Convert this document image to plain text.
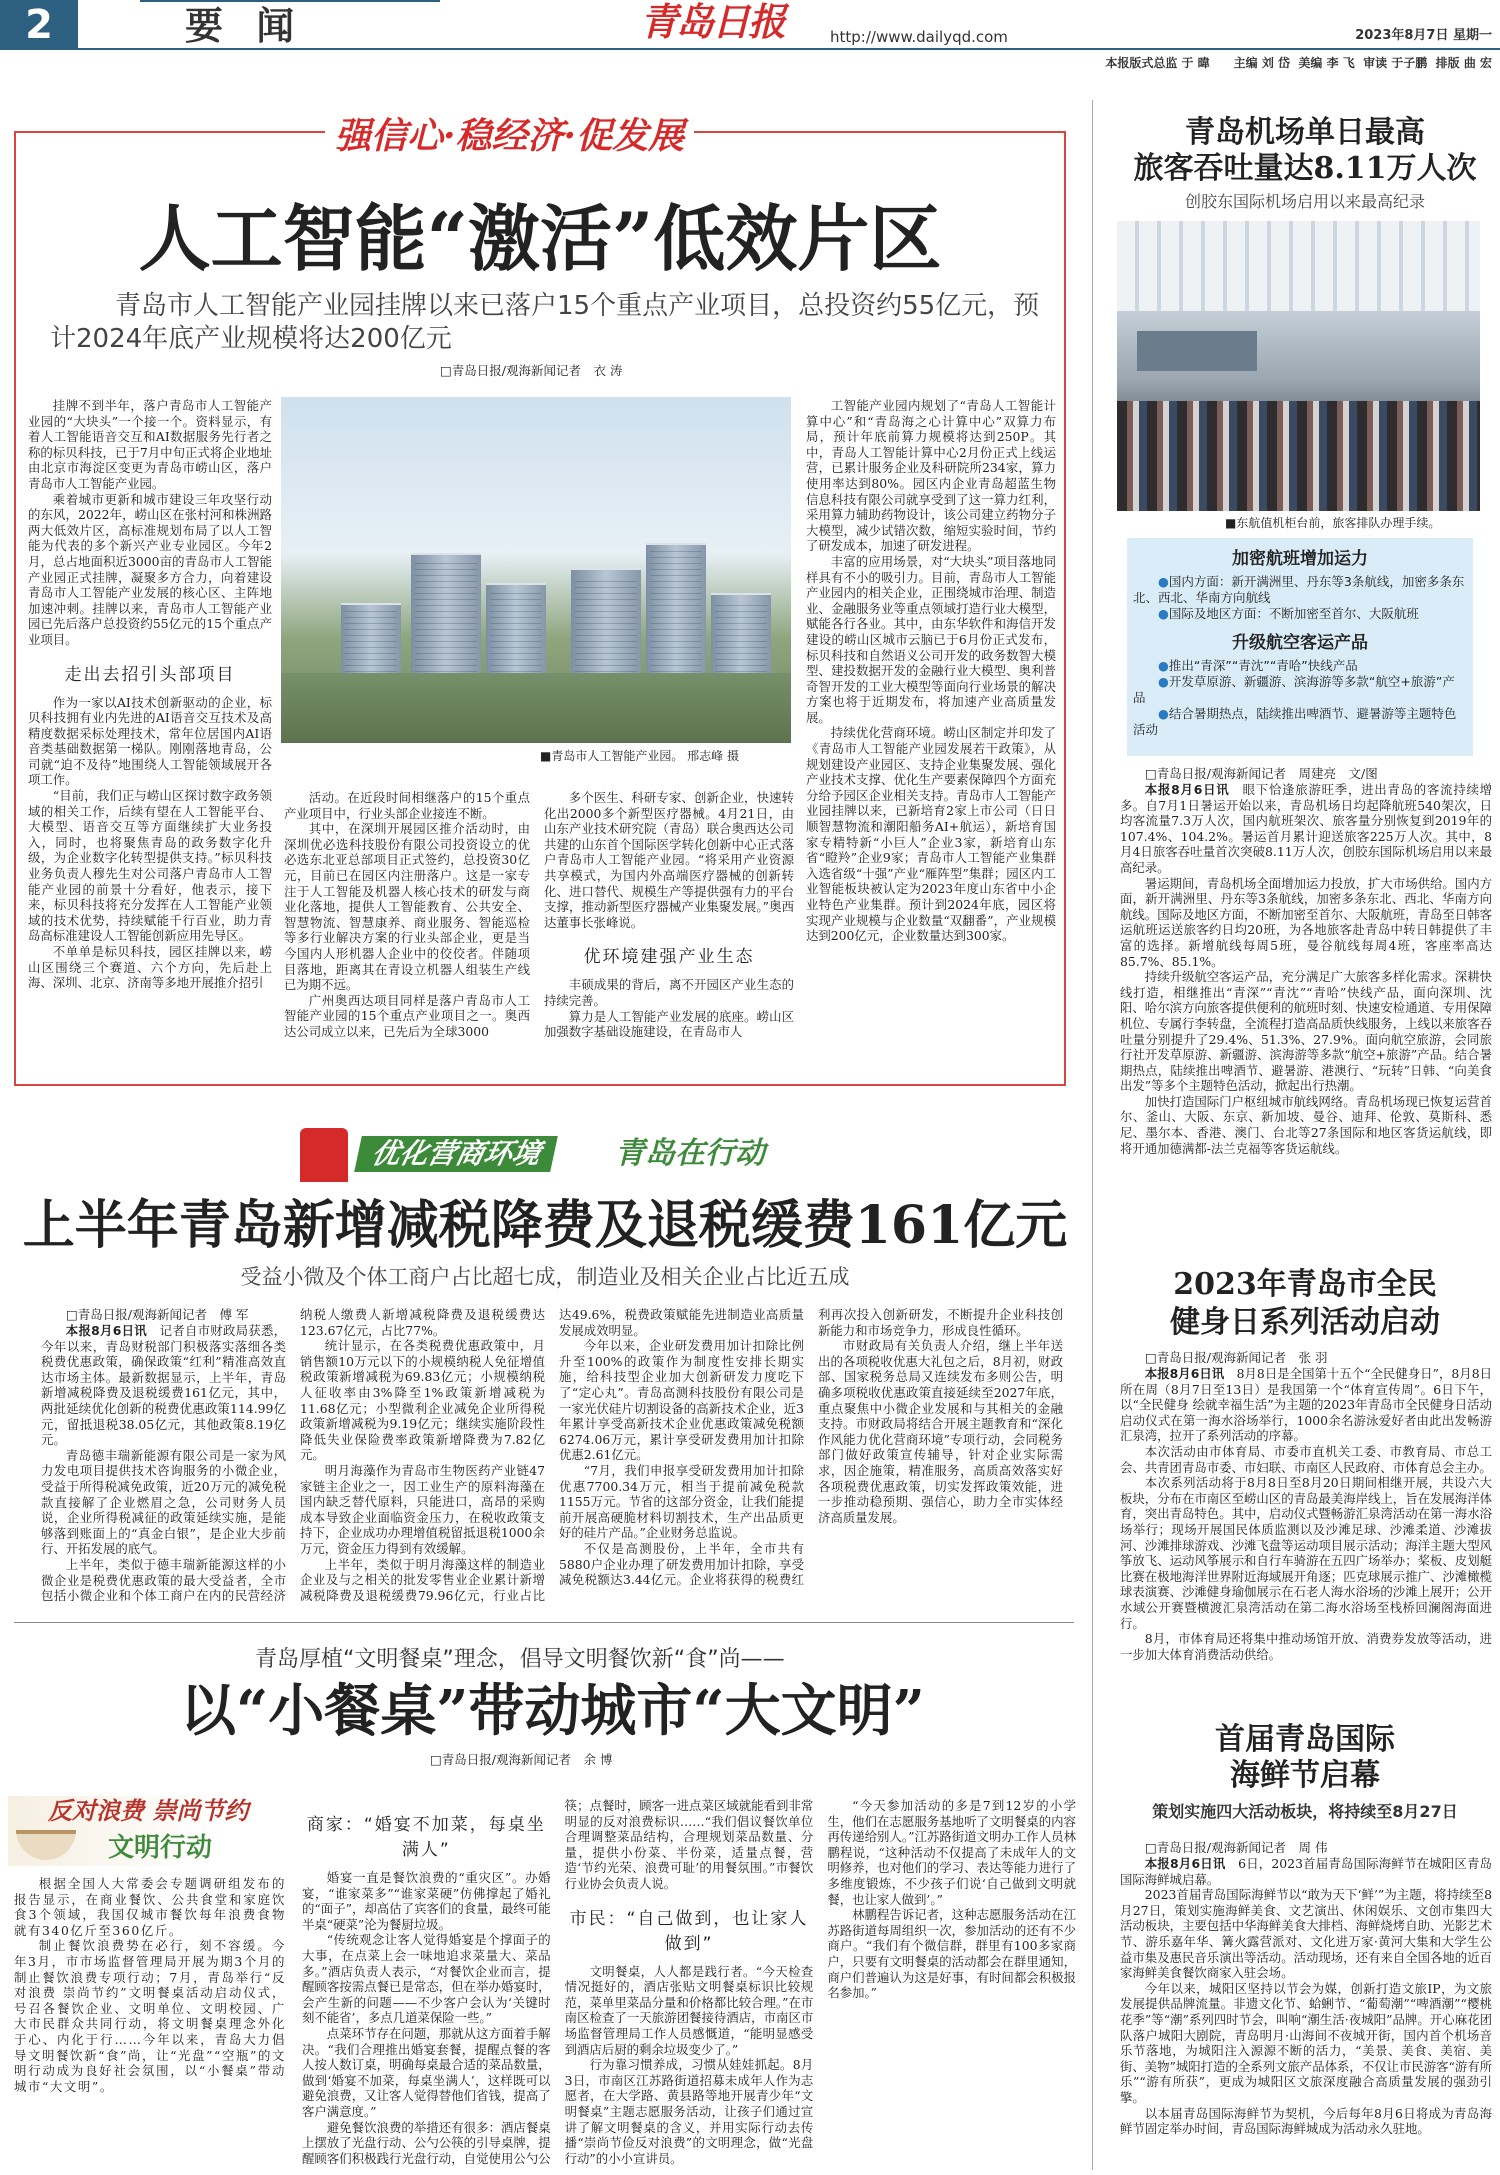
2	要 闻	青岛日报	http://www.dailyqd.com	2023年8月7日 星期一
本报版式总监 于 暐　　主编 刘 岱  美编 李 飞  审读 于子鹏  排版 曲 宏
强信心·稳经济·促发展
人工智能“激活”低效片区
青岛市人工智能产业园挂牌以来已落户15个重点产业项目，总投资约55亿元，预计2024年底产业规模将达200亿元
□青岛日报/观海新闻记者　衣 涛

挂牌不到半年，落户青岛市人工智能产业园的“大块头”一个接一个。资料显示，有着人工智能语音交互和AI数据服务先行者之称的标贝科技，已于7月中旬正式将企业地址由北京市海淀区变更为青岛市崂山区，落户青岛市人工智能产业园。

乘着城市更新和城市建设三年攻坚行动的东风，2022年，崂山区在张村河和株洲路两大低效片区，高标准规划布局了以人工智能为代表的多个新兴产业专业园区。今年2月，总占地面积近3000亩的青岛市人工智能产业园正式挂牌，凝聚多方合力，向着建设青岛市人工智能产业发展的核心区、主阵地加速冲刺。挂牌以来，青岛市人工智能产业园已先后落户总投资约55亿元的15个重点产业项目。

走出去招引头部项目

作为一家以AI技术创新驱动的企业，标贝科技拥有业内先进的AI语音交互技术及高精度数据采标处理技术，常年位居国内AI语音类基础数据第一梯队。刚刚落地青岛，公司就“迫不及待”地围绕人工智能领域展开各项工作。

“目前，我们正与崂山区探讨数字政务领域的相关工作，后续有望在人工智能平台、大模型、语音交互等方面继续扩大业务投入，同时，也将聚焦青岛的政务数字化升级，为企业数字化转型提供支持。”标贝科技业务负责人穆先生对公司落户青岛市人工智能产业园的前景十分看好，他表示，接下来，标贝科技将充分发挥在人工智能产业领域的技术优势，持续赋能千行百业，助力青岛高标准建设人工智能创新应用先导区。

不单单是标贝科技，园区挂牌以来，崂山区围绕三个赛道、六个方向，先后赴上海、深圳、北京、济南等多地开展推介招引

■青岛市人工智能产业园。 邢志峰 摄

活动。在近段时间相继落户的15个重点产业项目中，行业头部企业接连不断。

其中，在深圳开展园区推介活动时，由深圳优必选科技股份有限公司投资设立的优必选东北亚总部项目正式签约，总投资30亿元，目前已在园区内注册落户。这是一家专注于人工智能及机器人核心技术的研发与商业化落地，提供人工智能教育、公共安全、智慧物流、智慧康养、商业服务、智能巡检等多行业解决方案的行业头部企业，更是当今国内人形机器人企业中的佼佼者。伴随项目落地，距离其在青设立机器人组装生产线已为期不远。

广州奥西达项目同样是落户青岛市人工智能产业园的15个重点产业项目之一。奥西达公司成立以来，已先后为全球3000

多个医生、科研专家、创新企业，快速转化出2000多个新型医疗器械。4月21日，由山东产业技术研究院（青岛）联合奥西达公司共建的山东首个国际医学转化创新中心正式落户青岛市人工智能产业园。“将采用产业资源共享模式，为国内外高端医疗器械的创新转化、进口替代、规模生产等提供强有力的平台支撑，推动新型医疗器械产业集聚发展。”奥西达董事长张峰说。

优环境建强产业生态

丰硕成果的背后，离不开园区产业生态的持续完善。

算力是人工智能产业发展的底座。崂山区加强数字基础设施建设，在青岛市人

工智能产业园内规划了“青岛人工智能计算中心”和“青岛海之心计算中心”双算力布局，预计年底前算力规模将达到250P。其中，青岛人工智能计算中心2月份正式上线运营，已累计服务企业及科研院所234家，算力使用率达到80%。园区内企业青岛超蓝生物信息科技有限公司就享受到了这一算力红利，采用算力辅助药物设计，该公司建立药物分子大模型，减少试错次数，缩短实验时间，节约了研发成本，加速了研发进程。

丰富的应用场景，对“大块头”项目落地同样具有不小的吸引力。目前，青岛市人工智能产业园内的相关企业，正围绕城市治理、制造业、金融服务业等重点领域打造行业大模型，赋能各行各业。其中，由东华软件和海信开发建设的崂山区城市云脑已于6月份正式发布，标贝科技和自然语义公司开发的政务数智大模型、建投数据开发的金融行业大模型、奥利普奇智开发的工业大模型等面向行业场景的解决方案也将于近期发布，将加速产业高质量发展。

持续优化营商环境。崂山区制定并印发了《青岛市人工智能产业园发展若干政策》，从规划建设产业园区、支持企业集聚发展、强化产业技术支撑、优化生产要素保障四个方面充分给予园区企业相关支持。青岛市人工智能产业园挂牌以来，已新培育2家上市公司（日日顺智慧物流和潮阳船务AI+航运），新培育国家专精特新“小巨人”企业3家，新培育山东省“瞪羚”企业9家；青岛市人工智能产业集群入选省级“十强”产业“雁阵型”集群；园区内工业智能板块被认定为2023年度山东省中小企业特色产业集群。预计到2024年底，园区将实现产业规模与企业数量“双翻番”，产业规模达到200亿元，企业数量达到300家。

优化营商环境	青岛在行动
上半年青岛新增减税降费及退税缓费161亿元
受益小微及个体工商户占比超七成，制造业及相关企业占比近五成
□青岛日报/观海新闻记者　傅 军

本报8月6日讯　 记者自市财政局获悉，今年以来，青岛财税部门积极落实落细各类税费优惠政策，确保政策“红利”精准高效直达市场主体。最新数据显示，上半年，青岛新增减税降费及退税缓费161亿元，其中，两批延续优化创新的税费优惠政策114.99亿元，留抵退税38.05亿元，其他政策8.19亿元。

青岛德丰瑞新能源有限公司是一家为风力发电项目提供技术咨询服务的小微企业，受益于所得税减免政策，近20万元的减免税款直接解了企业燃眉之急，公司财务人员说，企业所得税减征的政策延续实施，是能够落到账面上的“真金白银”，是企业大步前行、开拓发展的底气。

上半年，类似于德丰瑞新能源这样的小微企业是税费优惠政策的最大受益者，全市包括小微企业和个体工商户在内的民营经济纳税人缴费人新增减税降费及退税缓费达123.67亿元，占比77%。

统计显示，在各类税费优惠政策中，月销售额10万元以下的小规模纳税人免征增值税政策新增减税为69.83亿元；小规模纳税人征收率由3%降至1%政策新增减税为11.68亿元；小型微利企业减免企业所得税政策新增减税为9.19亿元；继续实施阶段性降低失业保险费率政策新增降费为7.82亿元。

明月海藻作为青岛市生物医药产业链47家链主企业之一，因工业生产的原料海藻在国内缺乏替代原料，只能进口，高昂的采购成本导致企业面临资金压力，在税收政策支持下，企业成功办理增值税留抵退税1000余万元，资金压力得到有效缓解。

上半年，类似于明月海藻这样的制造业企业及与之相关的批发零售业企业累计新增减税降费及退税缓费79.96亿元，行业占比达49.6%，税费政策赋能先进制造业高质量发展成效明显。

今年以来，企业研发费用加计扣除比例升至100%的政策作为制度性安排长期实施，给科技型企业加大创新研发力度吃下了“定心丸”。青岛高测科技股份有限公司是一家光伏硅片切割设备的高新技术企业，近3年累计享受高新技术企业优惠政策减免税额6274.06万元，累计享受研发费用加计扣除优惠2.61亿元。

“7月，我们申报享受研发费用加计扣除优惠7700.34万元，相当于提前减免税款1155万元。节省的这部分资金，让我们能提前开展高硬脆材料切割技术，生产出品质更好的硅片产品。”企业财务总监说。

不仅是高测股份，上半年，全市共有5880户企业办理了研发费用加计扣除，享受减免税额达3.44亿元。企业将获得的税费红利再次投入创新研发，不断提升企业科技创新能力和市场竞争力，形成良性循环。

市财政局有关负责人介绍，继上半年送出的各项税收优惠大礼包之后，8月初，财政部、国家税务总局又连续发布多则公告，明确多项税收优惠政策直接延续至2027年底，重点聚焦中小微企业发展和与其相关的金融支持。市财政局将结合开展主题教育和“深化作风能力优化营商环境”专项行动，会同税务部门做好政策宣传辅导，针对企业实际需求，因企施策，精准服务，高质高效落实好各项税费优惠政策，切实发挥政策效能，进一步推动稳预期、强信心，助力全市实体经济高质量发展。

青岛厚植“文明餐桌”理念，倡导文明餐饮新“食”尚——
以“小餐桌”带动城市“大文明”
□青岛日报/观海新闻记者　余 博
反对浪费 崇尚节约
文明行动

根据全国人大常委会专题调研组发布的报告显示，在商业餐饮、公共食堂和家庭饮食3个领域，我国仅城市餐饮每年浪费食物就有340亿斤至360亿斤。

制止餐饮浪费势在必行，刻不容缓。今年3月，市市场监督管理局开展为期3个月的制止餐饮浪费专项行动；7月，青岛举行“反对浪费 崇尚节约”文明餐桌活动启动仪式，号召各餐饮企业、文明单位、文明校园、广大市民群众共同行动，将文明餐桌理念外化于心、内化于行……今年以来，青岛大力倡导文明餐饮新“食”尚，让“光盘”“空瓶”的文明行动成为良好社会氛围，以“小餐桌”带动城市“大文明”。

商家：“婚宴不加菜，每桌坐满人”

婚宴一直是餐饮浪费的“重灾区”。办婚宴，“谁家菜多”“谁家菜硬”仿佛撑起了婚礼的“面子”，却高估了宾客们的食量，最终可能半桌“硬菜”沦为餐厨垃圾。

“传统观念让客人觉得婚宴是个撑面子的大事，在点菜上会一味地追求菜量大、菜品多。”酒店负责人表示，“对餐饮企业而言，提醒顾客按需点餐已是常态，但在举办婚宴时，会产生新的问题——不少客户会认为‘关键时刻不能省’，多点几道菜保险一些。”

点菜环节存在问题，那就从这方面着手解决。“我们合理推出婚宴套餐，提醒点餐的客人按人数订桌，明确每桌最合适的菜品数量，做到‘婚宴不加菜，每桌坐满人’，这样既可以避免浪费，又让客人觉得替他们省钱，提高了客户满意度。”

避免餐饮浪费的举措还有很多：酒店餐桌上摆放了光盘行动、公勺公筷的引导桌牌，提醒顾客们积极践行光盘行动，自觉使用公勺公筷；点餐时，顾客一进点菜区域就能看到非常明显的反对浪费标识……“我们倡议餐饮单位合理调整菜品结构，合理规划菜品数量、分量，提供小份菜、半份菜，适量点餐，营造‘节约光荣、浪费可耻’的用餐氛围。”市餐饮行业协会负责人说。

市民：“自己做到，也让家人做到”

文明餐桌，人人都是践行者。“今天检查情况挺好的，酒店张贴文明餐桌标识比较规范，菜单里菜品分量和价格都比较合理。”在市南区检查了一天旅游团餐接待酒店，市南区市场监督管理局工作人员感慨道，“能明显感受到酒店后厨的剩余垃圾变少了。”

行为靠习惯养成，习惯从娃娃抓起。8月3日，市南区江苏路街道招募未成年人作为志愿者，在大学路、黄县路等地开展青少年“文明餐桌”主题志愿服务活动，让孩子们通过宣讲了解文明餐桌的含义，并用实际行动去传播“崇尚节俭反对浪费”的文明理念，做“光盘行动”的小小宣讲员。

“今天参加活动的多是7到12岁的小学生，他们在志愿服务基地听了文明餐桌的内容再传递给别人。”江苏路街道文明办工作人员林鹏程说，“这种活动不仅提高了未成年人的文明修养，也对他们的学习、表达等能力进行了多维度锻炼，不少孩子们说‘自己做到文明就餐，也让家人做到’。”

林鹏程告诉记者，这种志愿服务活动在江苏路街道每周组织一次，参加活动的还有不少商户。“我们有个微信群，群里有100多家商户，只要有文明餐桌的活动都会在群里通知，商户们普遍认为这是好事，有时间都会积极报名参加。”

青岛机场单日最高
旅客吞吐量达8.11万人次
创胶东国际机场启用以来最高纪录
■东航值机柜台前，旅客排队办理手续。
加密航班增加运力
●国内方面：新开满洲里、丹东等3条航线，加密多条东北、西北、华南方向航线
●国际及地区方面：不断加密至首尔、大阪航班
升级航空客运产品
●推出“青深”“青沈”“青哈”快线产品
●开发草原游、新疆游、滨海游等多款“航空+旅游”产品
●结合暑期热点，陆续推出啤酒节、避暑游等主题特色活动
□青岛日报/观海新闻记者　周建亮　文/图

本报8月6日讯　 眼下恰逢旅游旺季，进出青岛的客流持续增多。自7月1日暑运开始以来，青岛机场日均起降航班540架次，日均客流量7.3万人次，国内航班架次、旅客量分别恢复到2019年的107.4%、104.2%。暑运首月累计迎送旅客225万人次。其中，8月4日旅客吞吐量首次突破8.11万人次，创胶东国际机场启用以来最高纪录。

暑运期间，青岛机场全面增加运力投放，扩大市场供给。国内方面，新开满洲里、丹东等3条航线，加密多条东北、西北、华南方向航线。国际及地区方面，不断加密至首尔、大阪航班，青岛至日韩客运航班运送旅客约日均20班，为各地旅客赴青岛中转日韩提供了丰富的选择。新增航线每周5班，曼谷航线每周4班，客座率高达85.7%、85.1%。

持续升级航空客运产品，充分满足广大旅客多样化需求。深耕快线打造，相继推出“青深”“青沈”“青哈”快线产品，面向深圳、沈阳、哈尔滨方向旅客提供便利的航班时刻、快速安检通道、专用保障机位、专属行李转盘，全流程打造高品质快线服务，上线以来旅客吞吐量分别提升了29.4%、51.3%、27.9%。面向航空旅游，会同旅行社开发草原游、新疆游、滨海游等多款“航空+旅游”产品。结合暑期热点，陆续推出啤酒节、避暑游、港澳行、“玩转”日韩、“向美食出发”等多个主题特色活动，掀起出行热潮。

加快打造国际门户枢纽城市航线网络。青岛机场现已恢复运营首尔、釜山、大阪、东京、新加坡、曼谷、迪拜、伦敦、莫斯科、悉尼、墨尔本、香港、澳门、台北等27条国际和地区客货运航线，即将开通加德满都-法兰克福等客货运航线。

2023年青岛市全民
健身日系列活动启动
□青岛日报/观海新闻记者　张 羽

本报8月6日讯　 8月8日是全国第十五个“全民健身日”，8月8日所在周（8月7日至13日）是我国第一个“体育宣传周”。6日下午，以“全民健身 绘就幸福生活”为主题的2023年青岛市全民健身日活动启动仪式在第一海水浴场举行，1000余名游泳爱好者由此出发畅游汇泉湾，拉开了系列活动的序幕。

本次活动由市体育局、市委市直机关工委、市教育局、市总工会、共青团青岛市委、市妇联、市南区人民政府、市体育总会主办。

本次系列活动将于8月8日至8月20日期间相继开展，共设六大板块，分布在市南区至崂山区的青岛最美海岸线上，旨在发展海洋体育，突出青岛特色。其中，启动仪式暨畅游汇泉湾活动在第一海水浴场举行；现场开展国民体质监测以及沙滩足球、沙滩柔道、沙滩拔河、沙滩排球游戏、沙滩飞盘等运动项目展示活动；海洋主题大型风筝放飞、运动风筝展示和自行车骑游在五四广场举办；桨板、皮划艇比赛在极地海洋世界附近海域展开角逐；匹克球展示推广、沙滩橄榄球表演赛、沙滩健身瑜伽展示在石老人海水浴场的沙滩上展开；公开水域公开赛暨横渡汇泉湾活动在第二海水浴场至栈桥回澜阁海面进行。

8月，市体育局还将集中推动场馆开放、消费券发放等活动，进一步加大体育消费活动供给。

首届青岛国际
海鲜节启幕
策划实施四大活动板块，将持续至8月27日
□青岛日报/观海新闻记者　周 伟

本报8月6日讯　 6日，2023首届青岛国际海鲜节在城阳区青岛国际海鲜城启幕。

2023首届青岛国际海鲜节以“敢为天下‘鲜’”为主题，将持续至8月27日，策划实施海鲜美食、文艺演出、休闲娱乐、文创市集四大活动板块，主要包括中华海鲜美食大排档、海鲜烧烤自助、光影艺术节、游乐嘉年华、篝火露营派对、文化进万家·黄河大集和大学生公益市集及惠民音乐演出等活动。活动现场，还有来自全国各地的近百家海鲜美食餐饮商家入驻会场。

今年以来，城阳区坚持以节会为媒，创新打造文旅IP，为文旅发展提供品牌流量。非遗文化节、蛤蜊节、“葡萄潮”“啤酒潮”“樱桃花季”等“潮”系列四时节会，叫响“潮生活·夜城阳”品牌。开心麻花团队落户城阳大剧院，青岛明月·山海间不夜城开街，国内首个机场音乐节落地，为城阳注入源源不断的活力，“美景、美食、美宿、美街、美物”城阳打造的全系列文旅产品体系，不仅让市民游客“游有所乐”“游有所获”，更成为城阳区文旅深度融合高质量发展的强劲引擎。

以本届青岛国际海鲜节为契机，今后每年8月6日将成为青岛海鲜节固定举办时间，青岛国际海鲜城成为活动永久驻地。
